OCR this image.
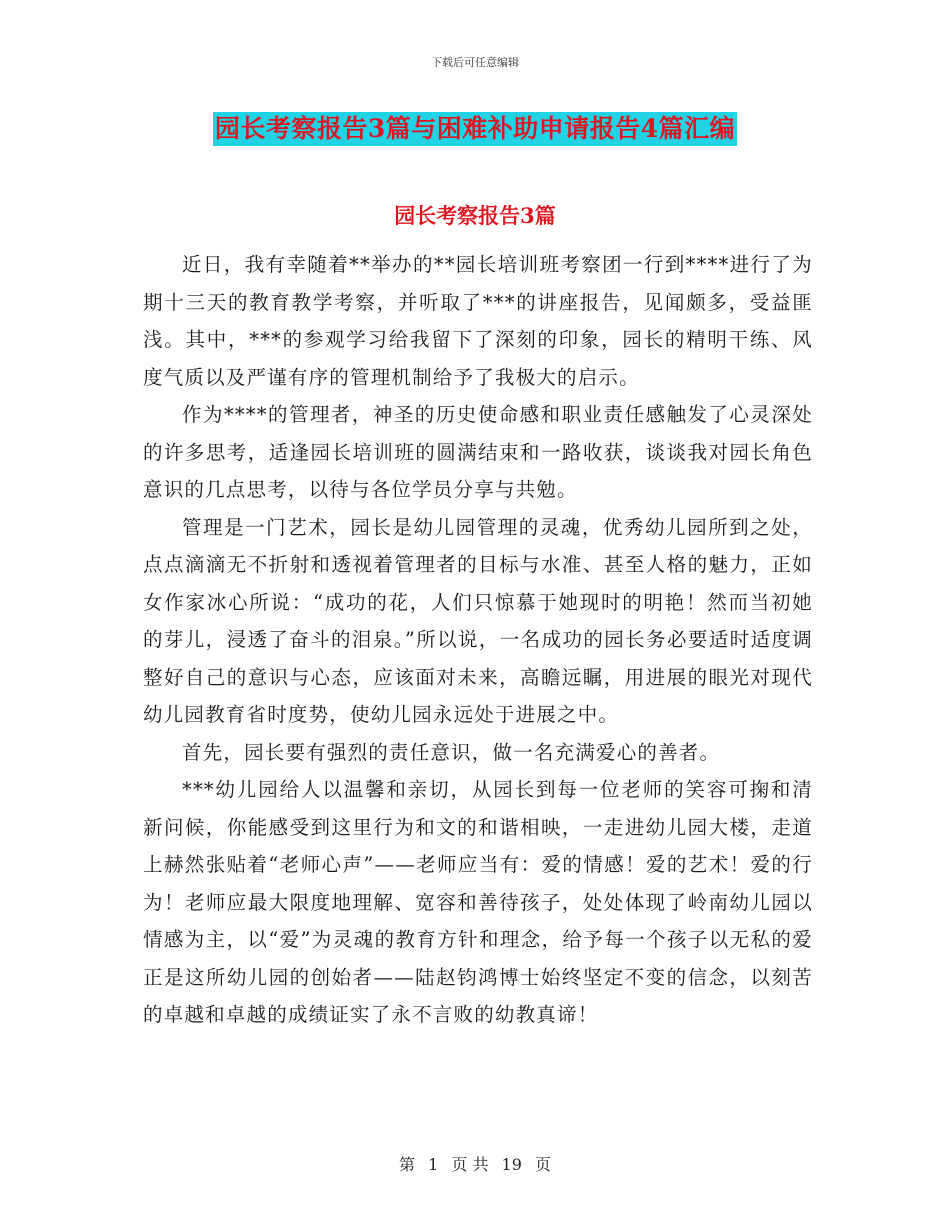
下载后可任意编辑
园长考察报告3篇与困难补助申请报告4篇汇编
园长考察报告3篇

近日，我有幸随着**举办的**园长培训班考察团一行到****进行了为期十三天的教育教学考察，并听取了***的讲座报告，见闻颇多，受益匪浅。其中，***的参观学习给我留下了深刻的印象，园长的精明干练、风度气质以及严谨有序的管理机制给予了我极大的启示。

作为****的管理者，神圣的历史使命感和职业责任感触发了心灵深处的许多思考，适逢园长培训班的圆满结束和一路收获，谈谈我对园长角色意识的几点思考，以待与各位学员分享与共勉。

管理是一门艺术，园长是幼儿园管理的灵魂，优秀幼儿园所到之处，点点滴滴无不折射和透视着管理者的目标与水准、甚至人格的魅力，正如女作家冰心所说：“成功的花，人们只惊慕于她现时的明艳！然而当初她的芽儿，浸透了奋斗的泪泉。”所以说，一名成功的园长务必要适时适度调整好自己的意识与心态，应该面对未来，高瞻远瞩，用进展的眼光对现代幼儿园教育省时度势，使幼儿园永远处于进展之中。

首先，园长要有强烈的责任意识，做一名充满爱心的善者。

***幼儿园给人以温馨和亲切，从园长到每一位老师的笑容可掬和清新问候，你能感受到这里行为和文的和谐相映，一走进幼儿园大楼，走道上赫然张贴着“老师心声”——老师应当有：爱的情感！爱的艺术！爱的行为！老师应最大限度地理解、宽容和善待孩子，处处体现了岭南幼儿园以情感为主，以“爱”为灵魂的教育方针和理念，给予每一个孩子以无私的爱正是这所幼儿园的创始者——陆赵钧鸿博士始终坚定不变的信念，以刻苦的卓越和卓越的成绩证实了永不言败的幼教真谛！

第 1 页 共 19 页
